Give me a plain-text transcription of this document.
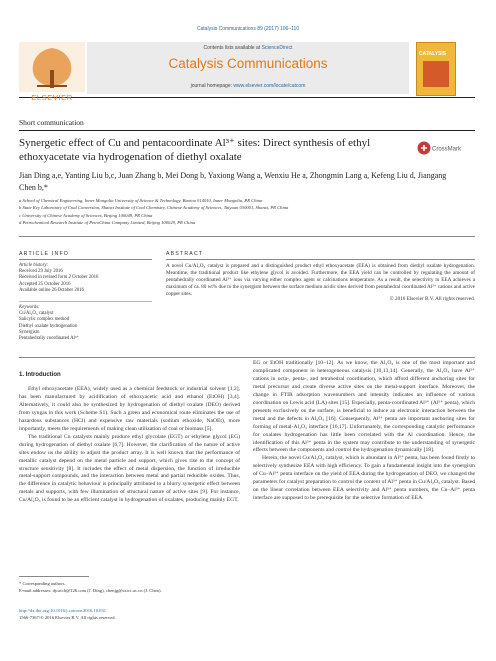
Catalysis Communications 89 (2017) 106–110
ELSEVIER
Contents lists available at ScienceDirect
Catalysis Communications
journal homepage: www.elsevier.com/locate/catcom
CATALYSIS
Short communication
Synergetic effect of Cu and pentacoordinate Al³⁺ sites: Direct synthesis of ethyl ethoxyacetate via hydrogenation of diethyl oxalate
CrossMark
Jian Ding a,e, Yanting Liu b,c, Juan Zhang b, Mei Dong b, Yaxiong Wang a, Wenxiu He a, Zhongmin Lang a, Kefeng Liu d, Jiangang Chen b,*
a School of Chemical Engineering, Inner Mongolia University of Science & Technology, Baotou 014010, Inner Mongolia, PR China
b State Key Laboratory of Coal Conversion, Shanxi Institute of Coal Chemistry, Chinese Academy of Sciences, Taiyuan 030001, Shanxi, PR China
c University of Chinese Academy of Sciences, Beijing 100049, PR China
d Petrochemical Research Institute of PetroChina Company Limited, Beijing 100029, PR China
ARTICLE INFO	ABSTRACT
Article history:
Received 29 July 2016
Received in revised form 2 October 2016
Accepted 25 October 2016
Available online 26 October 2016
Keywords:
Cu/Al₂O₃ catalyst
Salicylic complex method
Diethyl oxalate hydrogenation
Synergism
Pentahedrally coordinated Al³⁺
A novel Cu/Al₂O₃ catalyst is prepared and a distinguished product ethyl ethoxyacetate (EEA) is obtained from diethyl oxalate hydrogenation. Meantime, the traditional product like ethylene glycol is avoided. Furthermore, the EEA yield can be controlled by regulating the amount of pentahedrally coordinated Al³⁺ ions via varying either complex agent or calcinations temperature. As a result, the selectivity to EEA achieves a maximum of ca. 80 wt% due to the synergism between the surface medium acidic sites derived from pentahedral coordinated Al³⁺ cations and active copper sites.
© 2016 Elsevier B.V. All rights reserved.
1. Introduction

Ethyl ethoxyacetate (EEA), widely used as a chemical feedstock or industrial solvent [1,2], has been manufactured by acidification of ethoxyacetic acid and ethanol (EtOH) [3,4]. Alternatively, it could also be synthesized by hydrogenation of diethyl oxalate (DEO) derived from syngas in this work (Scheme S1). Such a green and economical route eliminates the use of hazardous substances (HCl) and expensive raw materials (sodium ethoxide, NaOEt), more importantly, meets the requirements of making clean utilization of coal or biomass [5].

The traditional Cu catalysts mainly produce ethyl glycolate (EGT) or ethylene glycol (EG) during hydrogenation of diethyl oxalate [6,7]. However, the clarification of the nature of active sites endow us the ability to adjust the product array. It is well known that the performance of metallic catalyst depend on the metal particle and support, which gives rise to the concept of structure sensitivity [8]. It includes the effect of metal dispersion, the function of irreducible metal-support compounds, and the interaction between metal and partial reducible oxides. Thus, the difference in catalytic behaviour is principally attributed to a blurry synergetic effect between metals and supports, with few illumination of structural nature of active sites [9]. For instance, Cu/Al₂O₃ is found to be an efficient catalyst in hydrogenation of oxalates, producing mainly EGT,

EG or EtOH traditionally [10–12]. As we know, the Al₂O₃ is one of the most important and complicated component in heterogeneous catalysis [10,13,14]. Generally, the Al₂O₃ have Al³⁺ cations in octa-, penta-, and tetrahedral coordination, which afford different anchoring sites for metal precursor and create diverse active sites on the metal-support interface. Moreover, the change in FTIR adsorption wavenumbers and intensity indicates an influence of various coordination on Lewis acid (LA) sites [15]. Especially, penta-coordinated Al³⁺ (Al³⁺ penta), which presents exclusively on the surface, is beneficial to induce an electronic interaction between the metal and the defects in Al₂O₃ [16]. Consequently, Al³⁺ penta are important anchoring sites for forming of metal-Al₂O₃ interface [16,17]. Unfortunately, the corresponding catalytic performance for oxalates hydrogenation has little been correlated with the Al coordination. Hence, the identification of this Al³⁺ penta in the system may contribute to the understanding of synergetic effects between the components and control the hydrogenation dynamically [18].

Herein, the novel Cu/Al₂O₃ catalyst, which is abundant in Al³⁺ penta, has been found firstly to selectively synthesize EEA with high efficiency. To gain a fundamental insight into the synergism of Cu–Al³⁺ penta interface on the yield of EEA during the hydrogenation of DEO, we changed the parameters for catalyst preparation to control the content of Al³⁺ penta in Cu/Al₂O₃ catalyst. Based on the linear correlation between EEA selectivity and Al³⁺ penta numbers, the Cu–Al³⁺ penta interface are supposed to be prerequisite for the selective formation of EEA.

* Corresponding authors.
E-mail addresses: djcatch@126.com (J. Ding), chenjg@sxicc.ac.cn (J. Chen).
http://dx.doi.org/10.1016/j.catcom.2016.10.031
1566-7367/© 2016 Elsevier B.V. All rights reserved.
